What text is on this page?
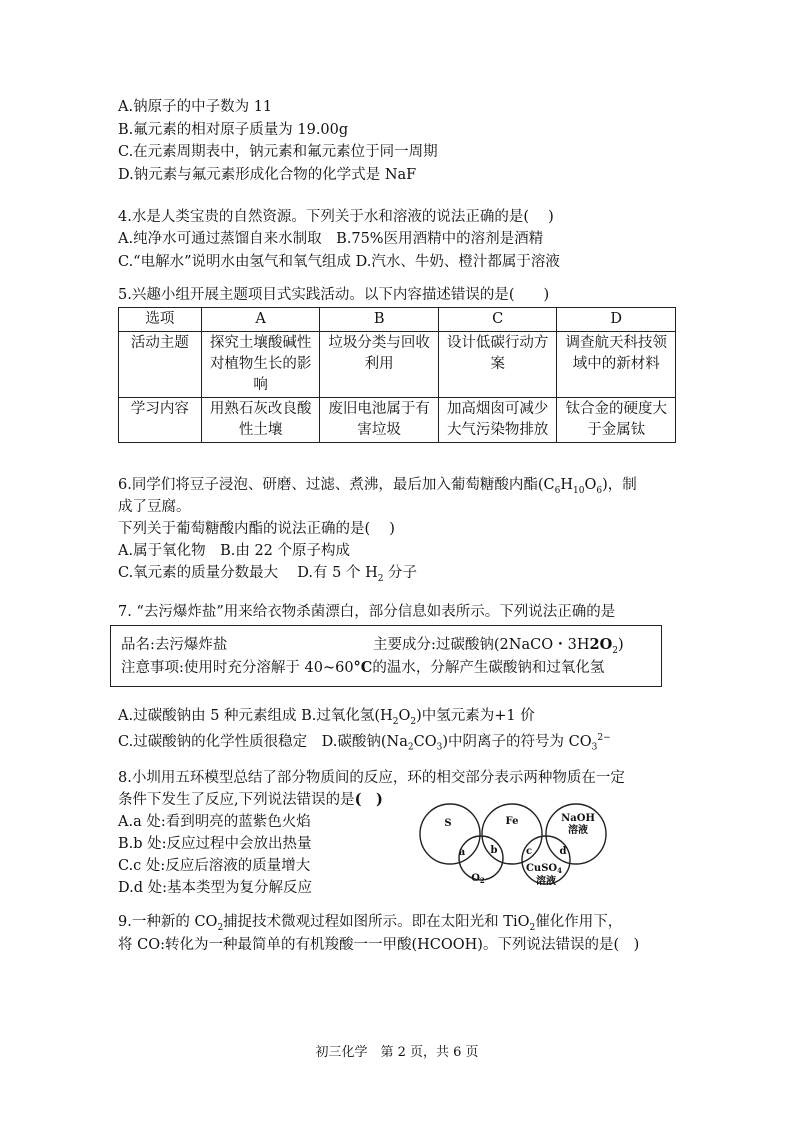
A.钠原子的中子数为 11
B.氟元素的相对原子质量为 19.00g
C.在元素周期表中，钠元素和氟元素位于同一周期
D.钠元素与氟元素形成化合物的化学式是 NaF
4.水是人类宝贵的自然资源。下列关于水和溶液的说法正确的是(　 )
A.纯净水可通过蒸馏自来水制取　B.75%医用酒精中的溶剂是酒精
C.“电解水”说明水由氢气和氧气组成 D.汽水、牛奶、橙汁都属于溶液
5.兴趣小组开展主题项目式实践活动。以下内容描述错误的是(　　)
选项	A	B	C	D
活动主题	探究土壤酸碱性对植物生长的影响	垃圾分类与回收利用	设计低碳行动方案	调查航天科技领域中的新材料
学习内容	用熟石灰改良酸性土壤	废旧电池属于有害垃圾	加高烟囱可减少大气污染物排放	钛合金的硬度大于金属钛
6.同学们将豆子浸泡、研磨、过滤、煮沸，最后加入葡萄糖酸内酯$(C_6H_{10}O_6)$，制
成了豆腐。
下列关于葡萄糖酸内酯的说法正确的是(　 )
A.属于氧化物　B.由 22 个原子构成
C.氧元素的质量分数最大　 D.有 5 个 $H_2$ 分子
7. “去污爆炸盐”用来给衣物杀菌漂白，部分信息如表所示。下列说法正确的是
品名:去污爆炸盐	主要成分:过碳酸钠(2NaCO・$3H2O_2$)
注意事项:使用时充分溶解于 40~60°C的温水，分解产生碳酸钠和过氧化氢
A.过碳酸钠由 5 种元素组成 B.过氧化氢$(H_2O_2)$中氢元素为+1 价
C.过碳酸钠的化学性质很稳定　D.碳酸钠$(Na_2CO_3)$中阴离子的符号为 $CO_3^{2-}$
8.小圳用五环模型总结了部分物质间的反应，环的相交部分表示两种物质在一定
条件下发生了反应,下列说法错误的是(　)
A.a 处:看到明亮的蓝紫色火焰
B.b 处:反应过程中会放出热量
C.c 处:反应后溶液的质量增大
D.d 处:基本类型为复分解反应
S	Fe	NaOH
溶液
$O_2$
CuSO$_4$
溶液
a	b	c	d
9.一种新的 $CO_2$捕捉技术微观过程如图所示。即在太阳光和 TiO$_2$催化作用下，
将 CO:转化为一种最简单的有机羧酸一一甲酸(HCOOH)。下列说法错误的是(　)
初三化学　第 2 页，共 6 页
